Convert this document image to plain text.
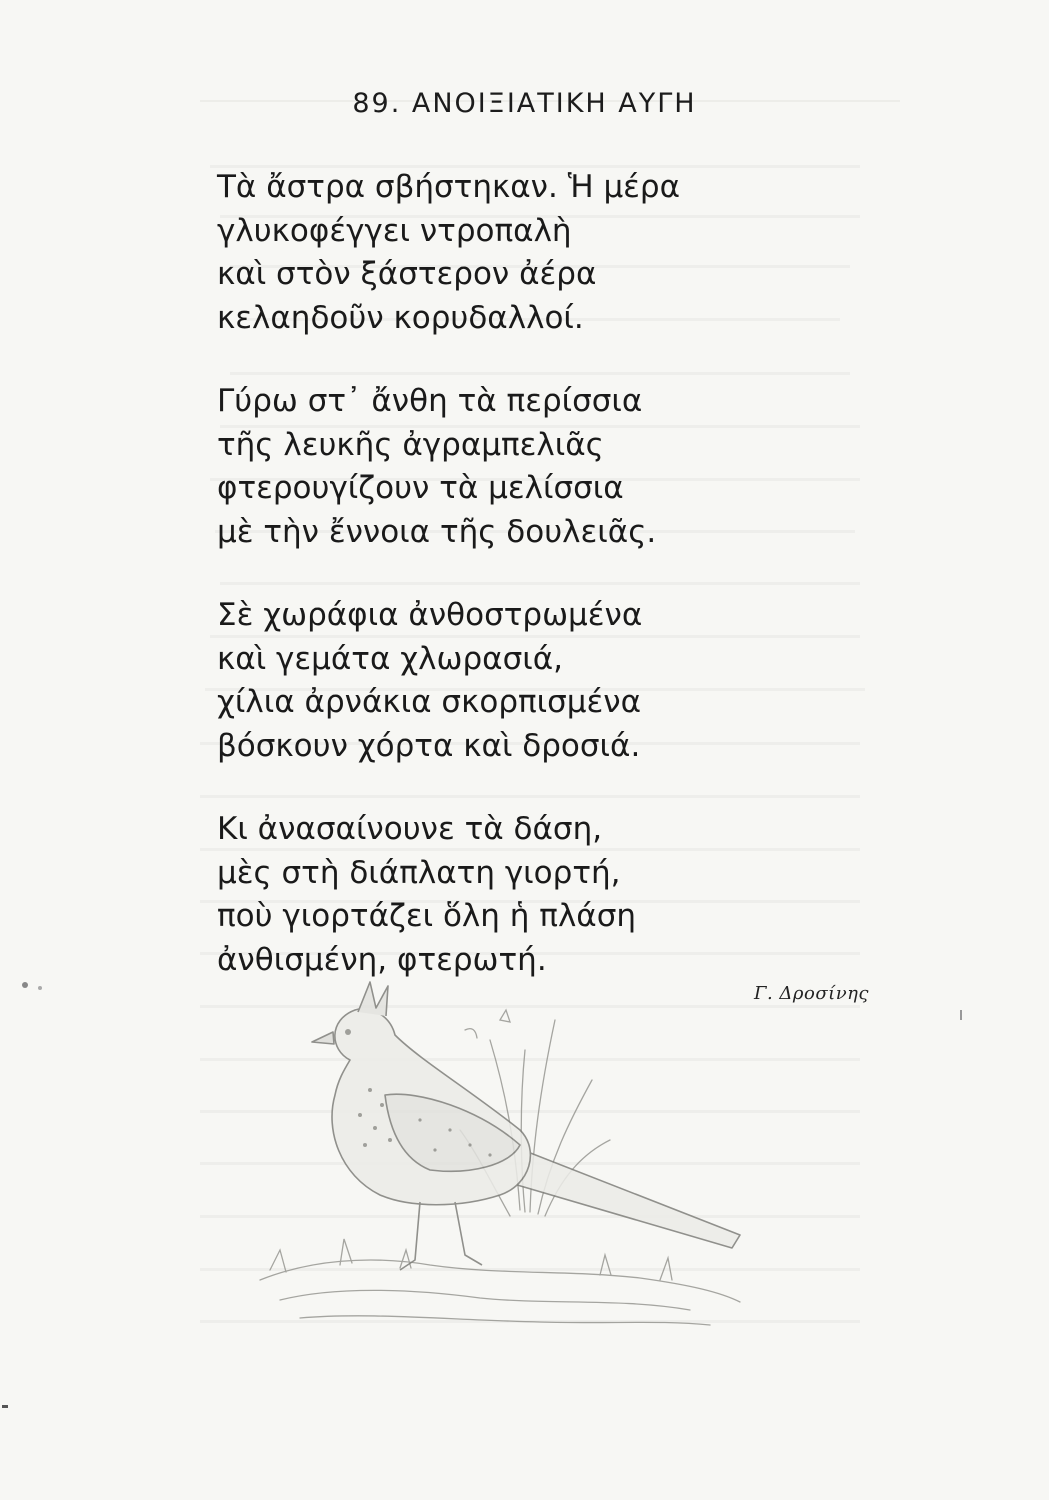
89. ΑΝΟΙΞΙΑΤΙΚΗ ΑΥΓΗ
Τὰ ἄστρα σβήστηκαν. Ἡ μέρα
γλυκοφέγγει ντροπαλὴ
καὶ στὸν ξάστερον ἀέρα
κελαηδοῦν κορυδαλλοί.
Γύρω στ᾿ ἄνθη τὰ περίσσια
τῆς λευκῆς ἀγραμπελιᾶς
φτερουγίζουν τὰ μελίσσια
μὲ τὴν ἔννοια τῆς δουλειᾶς.
Σὲ χωράφια ἀνθοστρωμένα
καὶ γεμάτα χλωρασιά,
χίλια ἀρνάκια σκορπισμένα
βόσκουν χόρτα καὶ δροσιά.
Κι ἀνασαίνουνε τὰ δάση,
μὲς στὴ διάπλατη γιορτή,
ποὺ γιορτάζει ὅλη ἡ πλάση
ἀνθισμένη, φτερωτή.
Γ. Δροσίνης
